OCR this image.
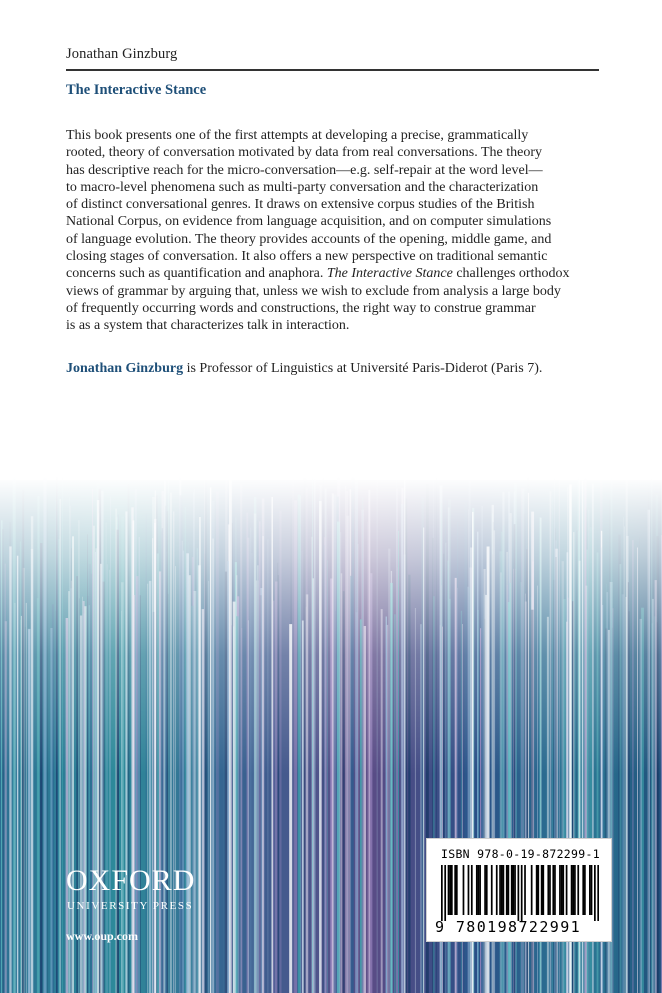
Jonathan Ginzburg
The Interactive Stance

This book presents one of the first attempts at developing a precise, grammatically
rooted, theory of conversation motivated by data from real conversations. The theory
has descriptive reach for the micro-conversation—e.g. self-repair at the word level—
to macro-level phenomena such as multi-party conversation and the characterization
of distinct conversational genres. It draws on extensive corpus studies of the British
National Corpus, on evidence from language acquisition, and on computer simulations
of language evolution. The theory provides accounts of the opening, middle game, and
closing stages of conversation. It also offers a new perspective on traditional semantic
concerns such as quantification and anaphora. The Interactive Stance challenges orthodox
views of grammar by arguing that, unless we wish to exclude from analysis a large body
of frequently occurring words and constructions, the right way to construe grammar
is as a system that characterizes talk in interaction.

Jonathan Ginzburg is Professor of Linguistics at Université Paris-Diderot (Paris 7).

OXFORD
UNIVERSITY PRESS
www.oup.com
ISBN 978-0-19-872299-1
9 780198722991
